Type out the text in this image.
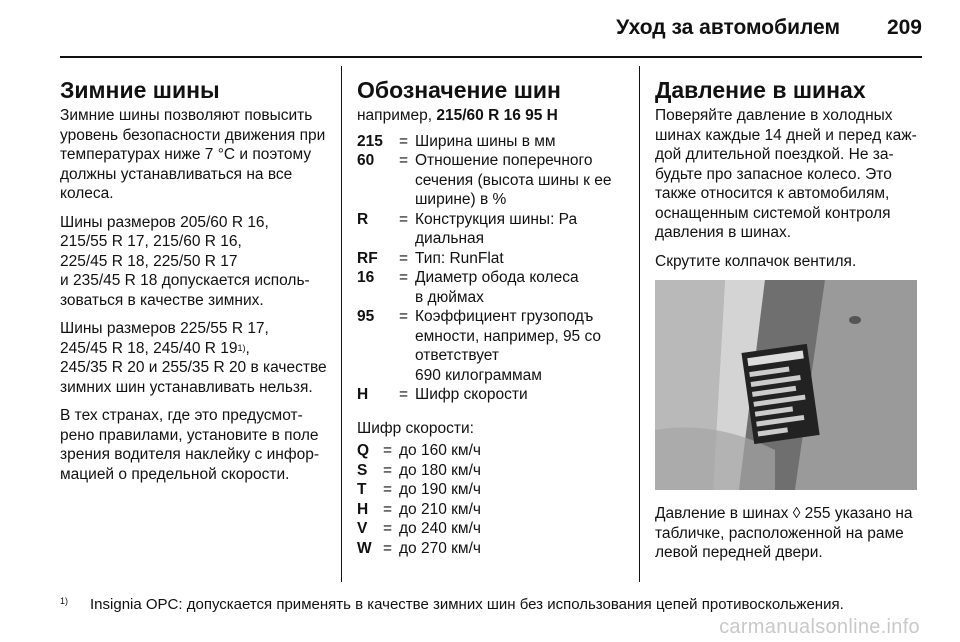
Уход за автомобилем 209
Зимние шины

Зимние шины позволяют повысить уровень безопасности движения при температурах ниже 7 °C и поэтому должны устанавливаться на все колеса.

Шины размеров 205/60 R 16,
215/55 R 17, 215/60 R 16,
225/45 R 18, 225/50 R 17
и 235/45 R 18 допускается использоваться в качестве зимних.

Шины размеров 225/55 R 17,
245/45 R 18, 245/40 R 19$^{1)}$,
245/35 R 20 и 255/35 R 20 в качестве зимних шин устанавливать нельзя.

В тех странах, где это предусмотрено правилами, установите в поле зрения водителя наклейку с информацией о предельной скорости.

Обозначение шин
например, 215/60 R 16 95 H
215	= Ширина шины в мм
60	= Отношение поперечного
сечения (высота шины к ее
ширине) в %
R	= Конструкция шины: Ра
диальная
RF	= Тип: RunFlat
16	= Диаметр обода колеса
в дюймах
95	= Коэффициент грузоподъ
емности, например, 95 со
ответствует
690 килограммам
H	= Шифр скорости
Шифр скорости:
Q = до 160 км/ч
S	= до 180 км/ч
T	= до 190 км/ч
H = до 210 км/ч
V	= до 240 км/ч
W = до 270 км/ч
Давление в шинах

Поверяйте давление в холодных шинах каждые 14 дней и перед каждой длительной поездкой. Не забудьте про запасное колесо. Это также относится к автомобилям, оснащенным системой контроля давления в шинах.

Скрутите колпачок вентиля.

Давление в шинах ◊ 255 указано на табличке, расположенной на раме левой передней двери.

$^{1)}$ Insignia OPC: допускается применять в качестве зимних шин без использования цепей противоскольжения.
carmanualsonline.info
